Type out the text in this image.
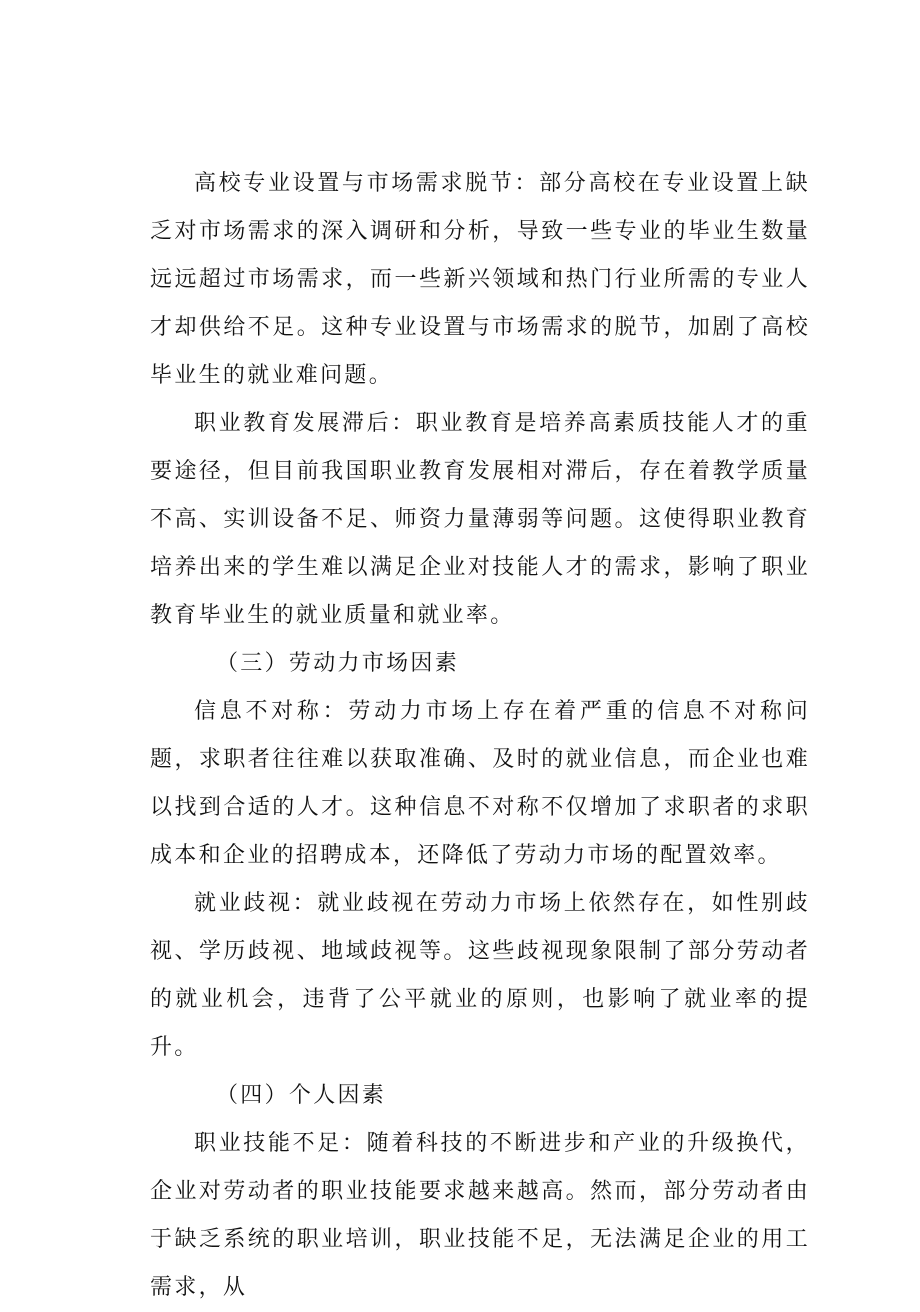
高校专业设置与市场需求脱节：部分高校在专业设置上缺乏对市场需求的深入调研和分析，导致一些专业的毕业生数量远远超过市场需求，而一些新兴领域和热门行业所需的专业人才却供给不足。这种专业设置与市场需求的脱节，加剧了高校毕业生的就业难问题。

职业教育发展滞后：职业教育是培养高素质技能人才的重要途径，但目前我国职业教育发展相对滞后，存在着教学质量不高、实训设备不足、师资力量薄弱等问题。这使得职业教育培养出来的学生难以满足企业对技能人才的需求，影响了职业教育毕业生的就业质量和就业率。

（三）劳动力市场因素

信息不对称：劳动力市场上存在着严重的信息不对称问题，求职者往往难以获取准确、及时的就业信息，而企业也难以找到合适的人才。这种信息不对称不仅增加了求职者的求职成本和企业的招聘成本，还降低了劳动力市场的配置效率。

就业歧视：就业歧视在劳动力市场上依然存在，如性别歧视、学历歧视、地域歧视等。这些歧视现象限制了部分劳动者的就业机会，违背了公平就业的原则，也影响了就业率的提升。

（四）个人因素

职业技能不足：随着科技的不断进步和产业的升级换代，企业对劳动者的职业技能要求越来越高。然而，部分劳动者由于缺乏系统的职业培训，职业技能不足，无法满足企业的用工需求，从
